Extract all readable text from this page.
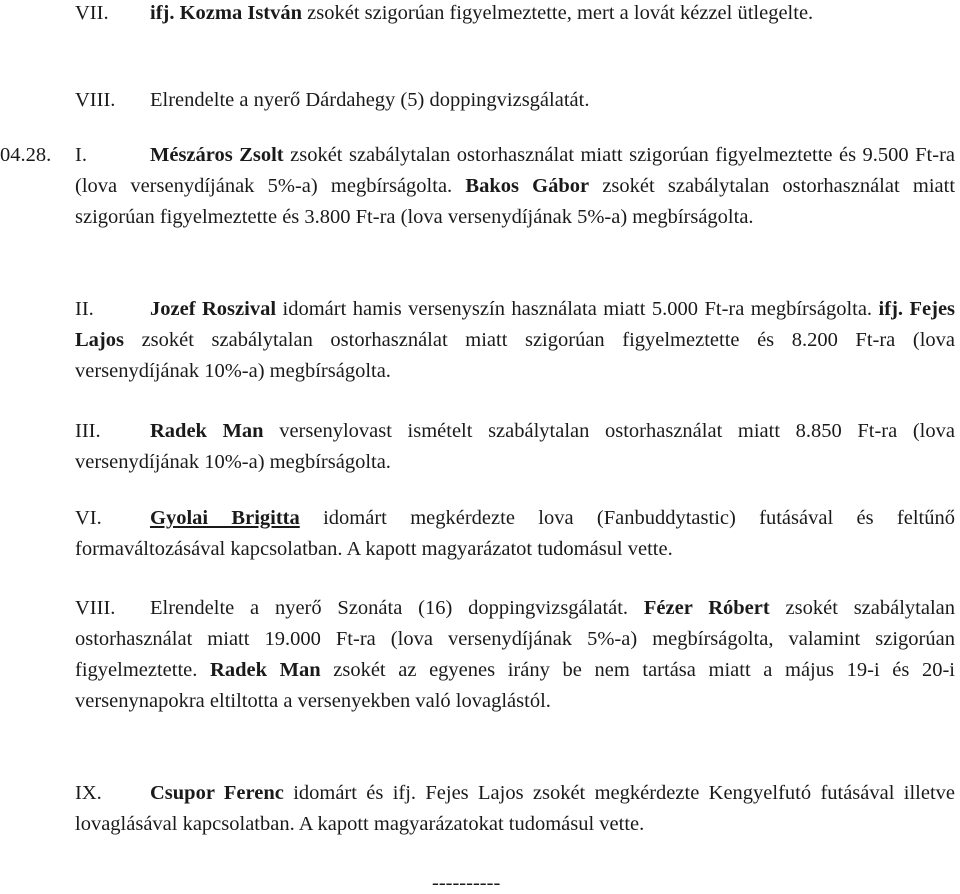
VII. ifj. Kozma István zsokét szigorúan figyelmeztette, mert a lovát kézzel ütlegelte.
VIII. Elrendelte a nyerő Dárdahegy (5) doppingvizsgálatát.
04.28.	I.	Mészáros Zsolt zsokét szabálytalan ostorhasználat miatt szigorúan figyelmeztette és 9.500 Ft-ra (lova versenydíjának 5%-a) megbírságolta. Bakos Gábor zsokét szabálytalan ostorhasználat miatt szigorúan figyelmeztette és 3.800 Ft-ra (lova versenydíjának 5%-a) megbírságolta.
II.	Jozef Roszival idomárt hamis versenyszín használata miatt 5.000 Ft-ra megbírságolta. ifj. Fejes Lajos zsokét szabálytalan ostorhasználat miatt szigorúan figyelmeztette és 8.200 Ft-ra (lova versenydíjának 10%-a) megbírságolta.
III. Radek Man versenylovast ismételt szabálytalan ostorhasználat miatt 8.850 Ft-ra (lova versenydíjának 10%-a) megbírságolta.
VI. Gyolai Brigitta idomárt megkérdezte lova (Fanbuddytastic) futásával és feltűnő formaváltozásával kapcsolatban. A kapott magyarázatot tudomásul vette.
VIII. Elrendelte a nyerő Szonáta (16) doppingvizsgálatát. Fézer Róbert zsokét szabálytalan ostorhasználat miatt 19.000 Ft-ra (lova versenydíjának 5%-a) megbírságolta, valamint szigorúan figyelmeztette. Radek Man zsokét az egyenes irány be nem tartása miatt a május 19-i és 20-i versenynapokra eltiltotta a versenyekben való lovaglástól.
IX. Csupor Ferenc idomárt és ifj. Fejes Lajos zsokét megkérdezte Kengyelfutó futásával illetve lovaglásával kapcsolatban. A kapott magyarázatokat tudomásul vette.
----------
